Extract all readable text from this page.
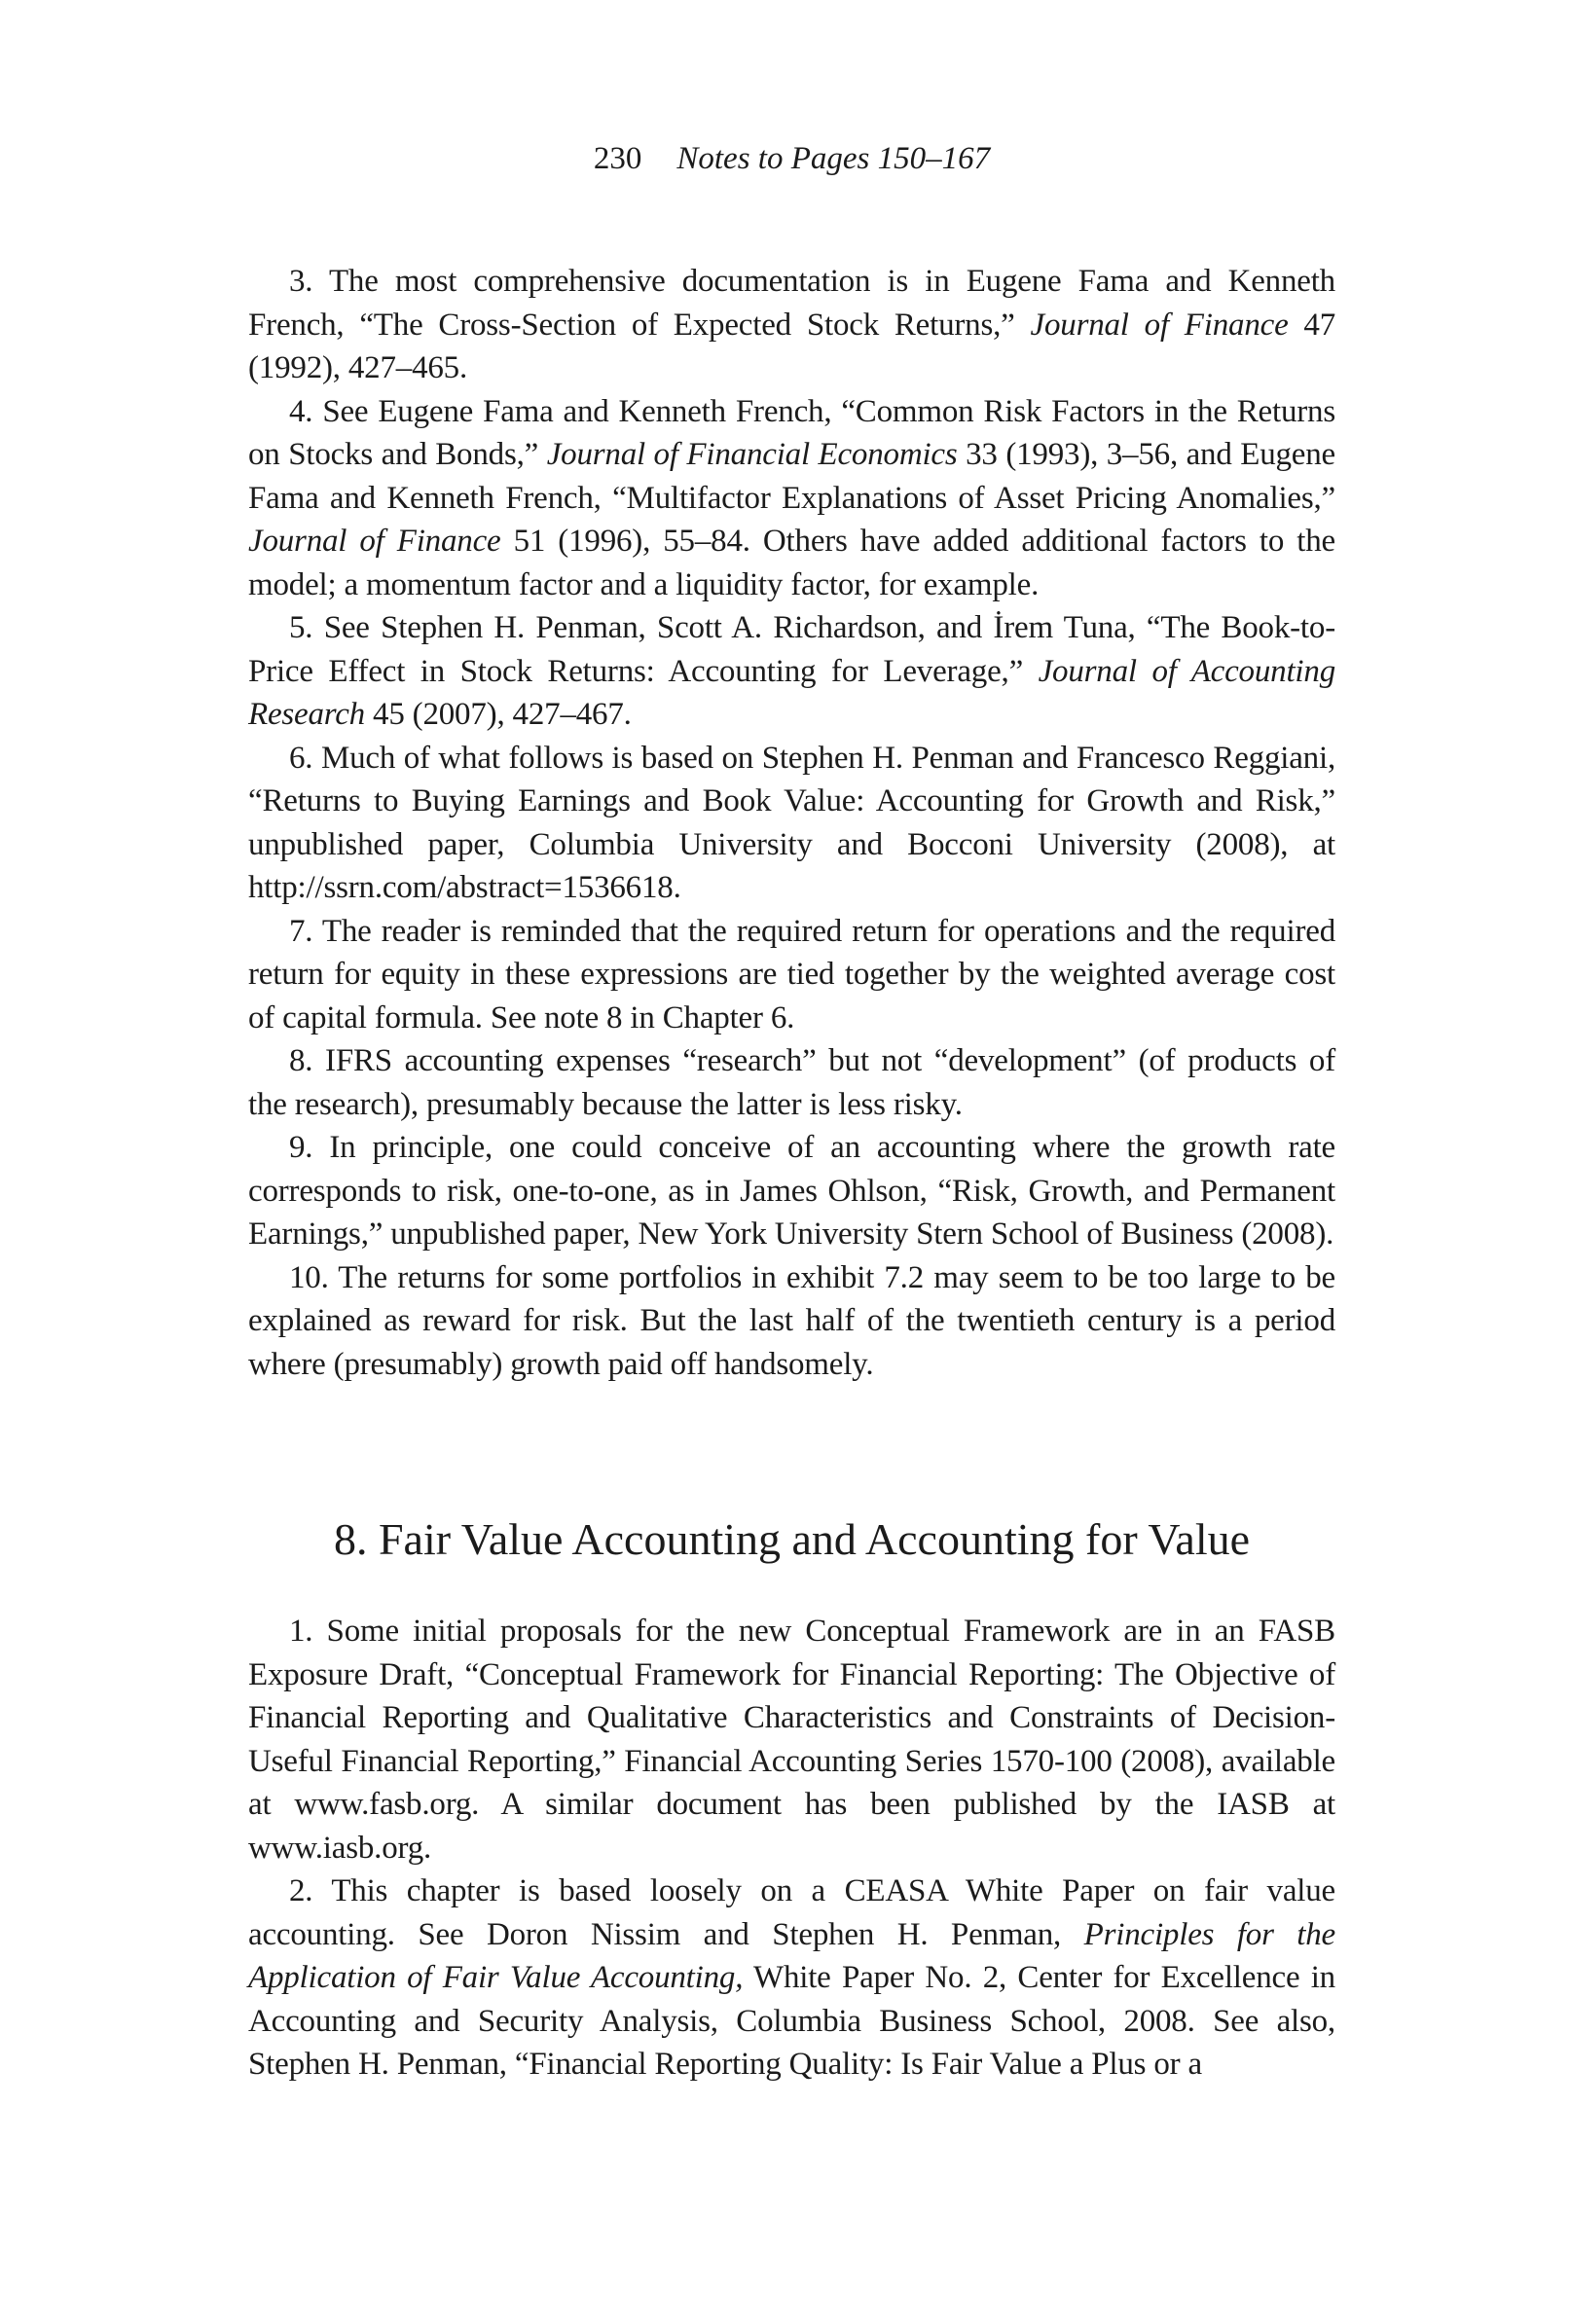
230 Notes to Pages 150–167

3. The most comprehensive documentation is in Eugene Fama and Kenneth French, “The Cross-Section of Expected Stock Returns,” Journal of Finance 47 (1992), 427–465.

4. See Eugene Fama and Kenneth French, “Common Risk Factors in the Returns on Stocks and Bonds,” Journal of Financial Economics 33 (1993), 3–56, and Eugene Fama and Kenneth French, “Multifactor Explanations of Asset Pricing Anomalies,” Journal of Finance 51 (1996), 55–84. Others have added additional factors to the model; a momentum factor and a liquidity factor, for example.

5. See Stephen H. Penman, Scott A. Richardson, and İrem Tuna, “The Book-to-Price Effect in Stock Returns: Accounting for Leverage,” Journal of Accounting Research 45 (2007), 427–467.

6. Much of what follows is based on Stephen H. Penman and Francesco Reggiani, “Returns to Buying Earnings and Book Value: Accounting for Growth and Risk,” unpublished paper, Columbia University and Bocconi University (2008), at http://ssrn.com/abstract=1536618.

7. The reader is reminded that the required return for operations and the required return for equity in these expressions are tied together by the weighted average cost of capital formula. See note 8 in Chapter 6.

8. IFRS accounting expenses “research” but not “development” (of products of the research), presumably because the latter is less risky.

9. In principle, one could conceive of an accounting where the growth rate corresponds to risk, one-to-one, as in James Ohlson, “Risk, Growth, and Permanent Earnings,” unpublished paper, New York University Stern School of Business (2008).

10. The returns for some portfolios in exhibit 7.2 may seem to be too large to be explained as reward for risk. But the last half of the twentieth century is a period where (presumably) growth paid off handsomely.

8. Fair Value Accounting and Accounting for Value

1. Some initial proposals for the new Conceptual Framework are in an FASB Exposure Draft, “Conceptual Framework for Financial Reporting: The Objective of Financial Reporting and Qualitative Characteristics and Constraints of Decision-Useful Financial Reporting,” Financial Accounting Series 1570-100 (2008), available at www.fasb.org. A similar document has been published by the IASB at www.iasb.org.

2. This chapter is based loosely on a CEASA White Paper on fair value accounting. See Doron Nissim and Stephen H. Penman, Principles for the Application of Fair Value Accounting, White Paper No. 2, Center for Excellence in Accounting and Security Analysis, Columbia Business School, 2008. See also, Stephen H. Penman, “Financial Reporting Quality: Is Fair Value a Plus or a
